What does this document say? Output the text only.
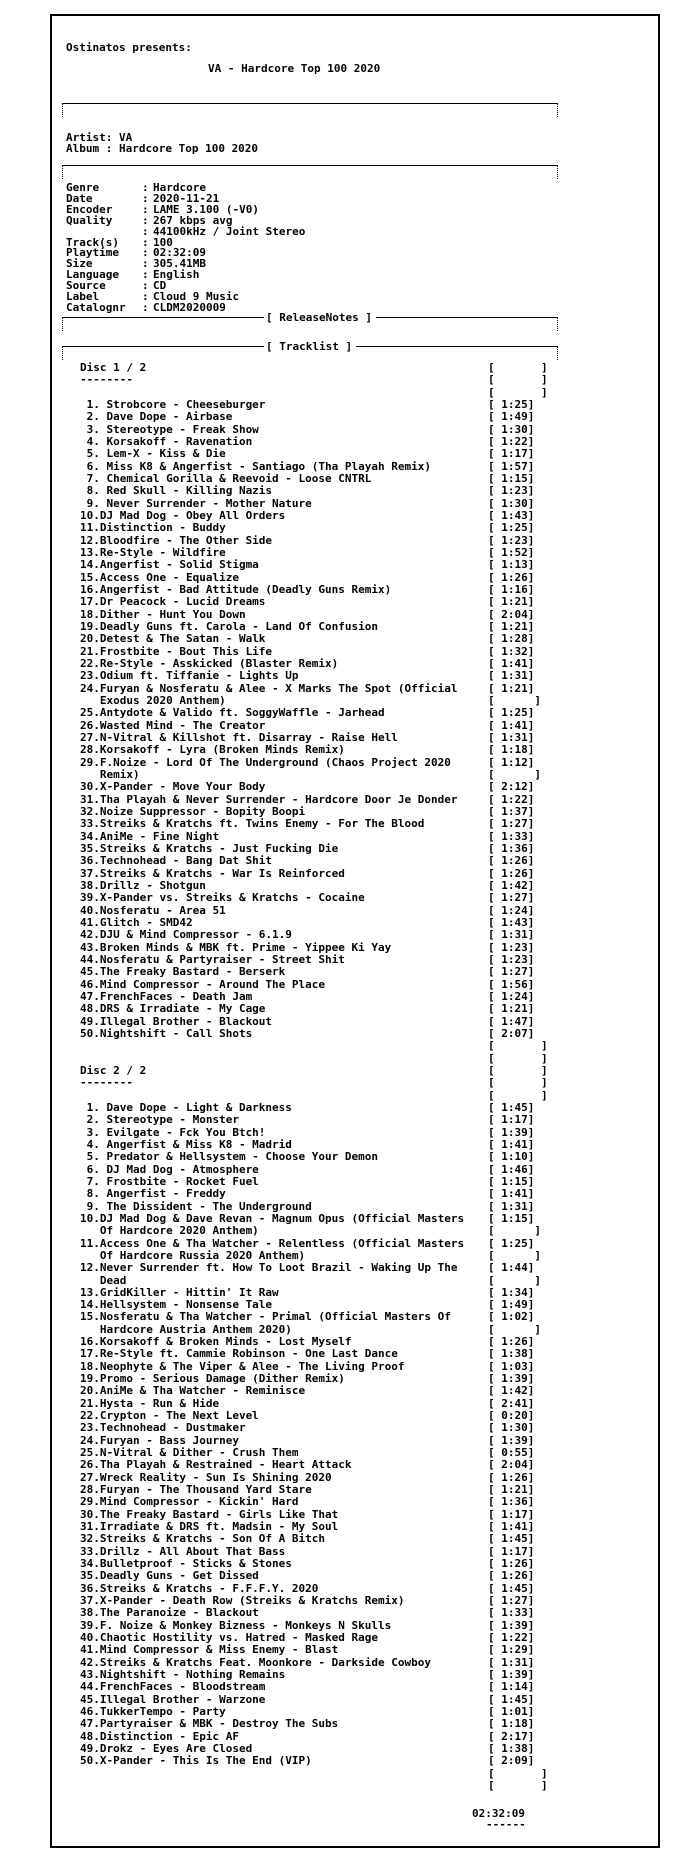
Ostinatos presents:
VA - Hardcore Top 100 2020
Artist: VA
Album : Hardcore Top 100 2020
Genre	: Hardcore
Date	: 2020-11-21
Encoder	: LAME 3.100 (-V0)
Quality	: 267 kbps avg
: 44100kHz / Joint Stereo
Track(s) : 100
Playtime : 02:32:09
Size	: 305.41MB
Language : English
Source	: CD
Label	: Cloud 9 Music
Catalognr : CLDM2020009
[ ReleaseNotes ]
[ Tracklist ]
Disc 1 / 2	[       ]
--------	[       ]
[       ]
1. Strobcore - Cheeseburger	[ 1:25]
2. Dave Dope - Airbase	[ 1:49]
3. Stereotype - Freak Show	[ 1:30]
4. Korsakoff - Ravenation	[ 1:22]
5. Lem-X - Kiss & Die	[ 1:17]
6. Miss K8 & Angerfist - Santiago (Tha Playah Remix)	[ 1:57]
7. Chemical Gorilla & Reevoid - Loose CNTRL	[ 1:15]
8. Red Skull - Killing Nazis	[ 1:23]
9. Never Surrender - Mother Nature	[ 1:30]
10.DJ Mad Dog - Obey All Orders	[ 1:43]
11.Distinction - Buddy	[ 1:25]
12.Bloodfire - The Other Side	[ 1:23]
13.Re-Style - Wildfire	[ 1:52]
14.Angerfist - Solid Stigma	[ 1:13]
15.Access One - Equalize	[ 1:26]
16.Angerfist - Bad Attitude (Deadly Guns Remix)	[ 1:16]
17.Dr Peacock - Lucid Dreams	[ 1:21]
18.Dither - Hunt You Down	[ 2:04]
19.Deadly Guns ft. Carola - Land Of Confusion	[ 1:21]
20.Detest & The Satan - Walk	[ 1:28]
21.Frostbite - Bout This Life	[ 1:32]
22.Re-Style - Asskicked (Blaster Remix)	[ 1:41]
23.Odium ft. Tiffanie - Lights Up	[ 1:31]
24.Furyan & Nosferatu & Alee - X Marks The Spot (Official	[ 1:21]
Exodus 2020 Anthem)	[      ]
25.Antydote & Valido ft. SoggyWaffle - Jarhead	[ 1:25]
26.Wasted Mind - The Creator	[ 1:41]
27.N-Vitral & Killshot ft. Disarray - Raise Hell	[ 1:31]
28.Korsakoff - Lyra (Broken Minds Remix)	[ 1:18]
29.F.Noize - Lord Of The Underground (Chaos Project 2020	[ 1:12]
Remix)	[      ]
30.X-Pander - Move Your Body	[ 2:12]
31.Tha Playah & Never Surrender - Hardcore Door Je Donder	[ 1:22]
32.Noize Suppressor - Bopity Boopi	[ 1:37]
33.Streiks & Kratchs ft. Twins Enemy - For The Blood	[ 1:27]
34.AniMe - Fine Night	[ 1:33]
35.Streiks & Kratchs - Just Fucking Die	[ 1:36]
36.Technohead - Bang Dat Shit	[ 1:26]
37.Streiks & Kratchs - War Is Reinforced	[ 1:26]
38.Drillz - Shotgun	[ 1:42]
39.X-Pander vs. Streiks & Kratchs - Cocaine	[ 1:27]
40.Nosferatu - Area 51	[ 1:24]
41.Glitch - SMD42	[ 1:43]
42.DJU & Mind Compressor - 6.1.9	[ 1:31]
43.Broken Minds & MBK ft. Prime - Yippee Ki Yay	[ 1:23]
44.Nosferatu & Partyraiser - Street Shit	[ 1:23]
45.The Freaky Bastard - Berserk	[ 1:27]
46.Mind Compressor - Around The Place	[ 1:56]
47.FrenchFaces - Death Jam	[ 1:24]
48.DRS & Irradiate - My Cage	[ 1:21]
49.Illegal Brother - Blackout	[ 1:47]
50.Nightshift - Call Shots	[ 2:07]
[       ]
[       ]
Disc 2 / 2	[       ]
--------	[       ]
[       ]
1. Dave Dope - Light & Darkness	[ 1:45]
2. Stereotype - Monster	[ 1:17]
3. Evilgate - Fck You Btch!	[ 1:39]
4. Angerfist & Miss K8 - Madrid	[ 1:41]
5. Predator & Hellsystem - Choose Your Demon	[ 1:10]
6. DJ Mad Dog - Atmosphere	[ 1:46]
7. Frostbite - Rocket Fuel	[ 1:15]
8. Angerfist - Freddy	[ 1:41]
9. The Dissident - The Underground	[ 1:31]
10.DJ Mad Dog & Dave Revan - Magnum Opus (Official Masters [ 1:15]
Of Hardcore 2020 Anthem)	[      ]
11.Access One & Tha Watcher - Relentless (Official Masters [ 1:25]
Of Hardcore Russia 2020 Anthem)	[      ]
12.Never Surrender ft. How To Loot Brazil - Waking Up The	[ 1:44]
Dead	[      ]
13.GridKiller - Hittin' It Raw	[ 1:34]
14.Hellsystem - Nonsense Tale	[ 1:49]
15.Nosferatu & Tha Watcher - Primal (Official Masters Of	[ 1:02]
Hardcore Austria Anthem 2020)	[      ]
16.Korsakoff & Broken Minds - Lost Myself	[ 1:26]
17.Re-Style ft. Cammie Robinson - One Last Dance	[ 1:38]
18.Neophyte & The Viper & Alee - The Living Proof	[ 1:03]
19.Promo - Serious Damage (Dither Remix)	[ 1:39]
20.AniMe & Tha Watcher - Reminisce	[ 1:42]
21.Hysta - Run & Hide	[ 2:41]
22.Crypton - The Next Level	[ 0:20]
23.Technohead - Dustmaker	[ 1:30]
24.Furyan - Bass Journey	[ 1:39]
25.N-Vitral & Dither - Crush Them	[ 0:55]
26.Tha Playah & Restrained - Heart Attack	[ 2:04]
27.Wreck Reality - Sun Is Shining 2020	[ 1:26]
28.Furyan - The Thousand Yard Stare	[ 1:21]
29.Mind Compressor - Kickin' Hard	[ 1:36]
30.The Freaky Bastard - Girls Like That	[ 1:17]
31.Irradiate & DRS ft. Madsin - My Soul	[ 1:41]
32.Streiks & Kratchs - Son Of A Bitch	[ 1:45]
33.Drillz - All About That Bass	[ 1:17]
34.Bulletproof - Sticks & Stones	[ 1:26]
35.Deadly Guns - Get Dissed	[ 1:26]
36.Streiks & Kratchs - F.F.F.Y. 2020	[ 1:45]
37.X-Pander - Death Row (Streiks & Kratchs Remix)	[ 1:27]
38.The Paranoize - Blackout	[ 1:33]
39.F. Noize & Monkey Bizness - Monkeys N Skulls	[ 1:39]
40.Chaotic Hostility vs. Hatred - Masked Rage	[ 1:22]
41.Mind Compressor & Miss Enemy - Blast	[ 1:29]
42.Streiks & Kratchs Feat. Moonkore - Darkside Cowboy	[ 1:31]
43.Nightshift - Nothing Remains	[ 1:39]
44.FrenchFaces - Bloodstream	[ 1:14]
45.Illegal Brother - Warzone	[ 1:45]
46.TukkerTempo - Party	[ 1:01]
47.Partyraiser & MBK - Destroy The Subs	[ 1:18]
48.Distinction - Epic AF	[ 2:17]
49.Drokz - Eyes Are Closed	[ 1:38]
50.X-Pander - This Is The End (VIP)	[ 2:09]
[       ]
[       ]
02:32:09
------
